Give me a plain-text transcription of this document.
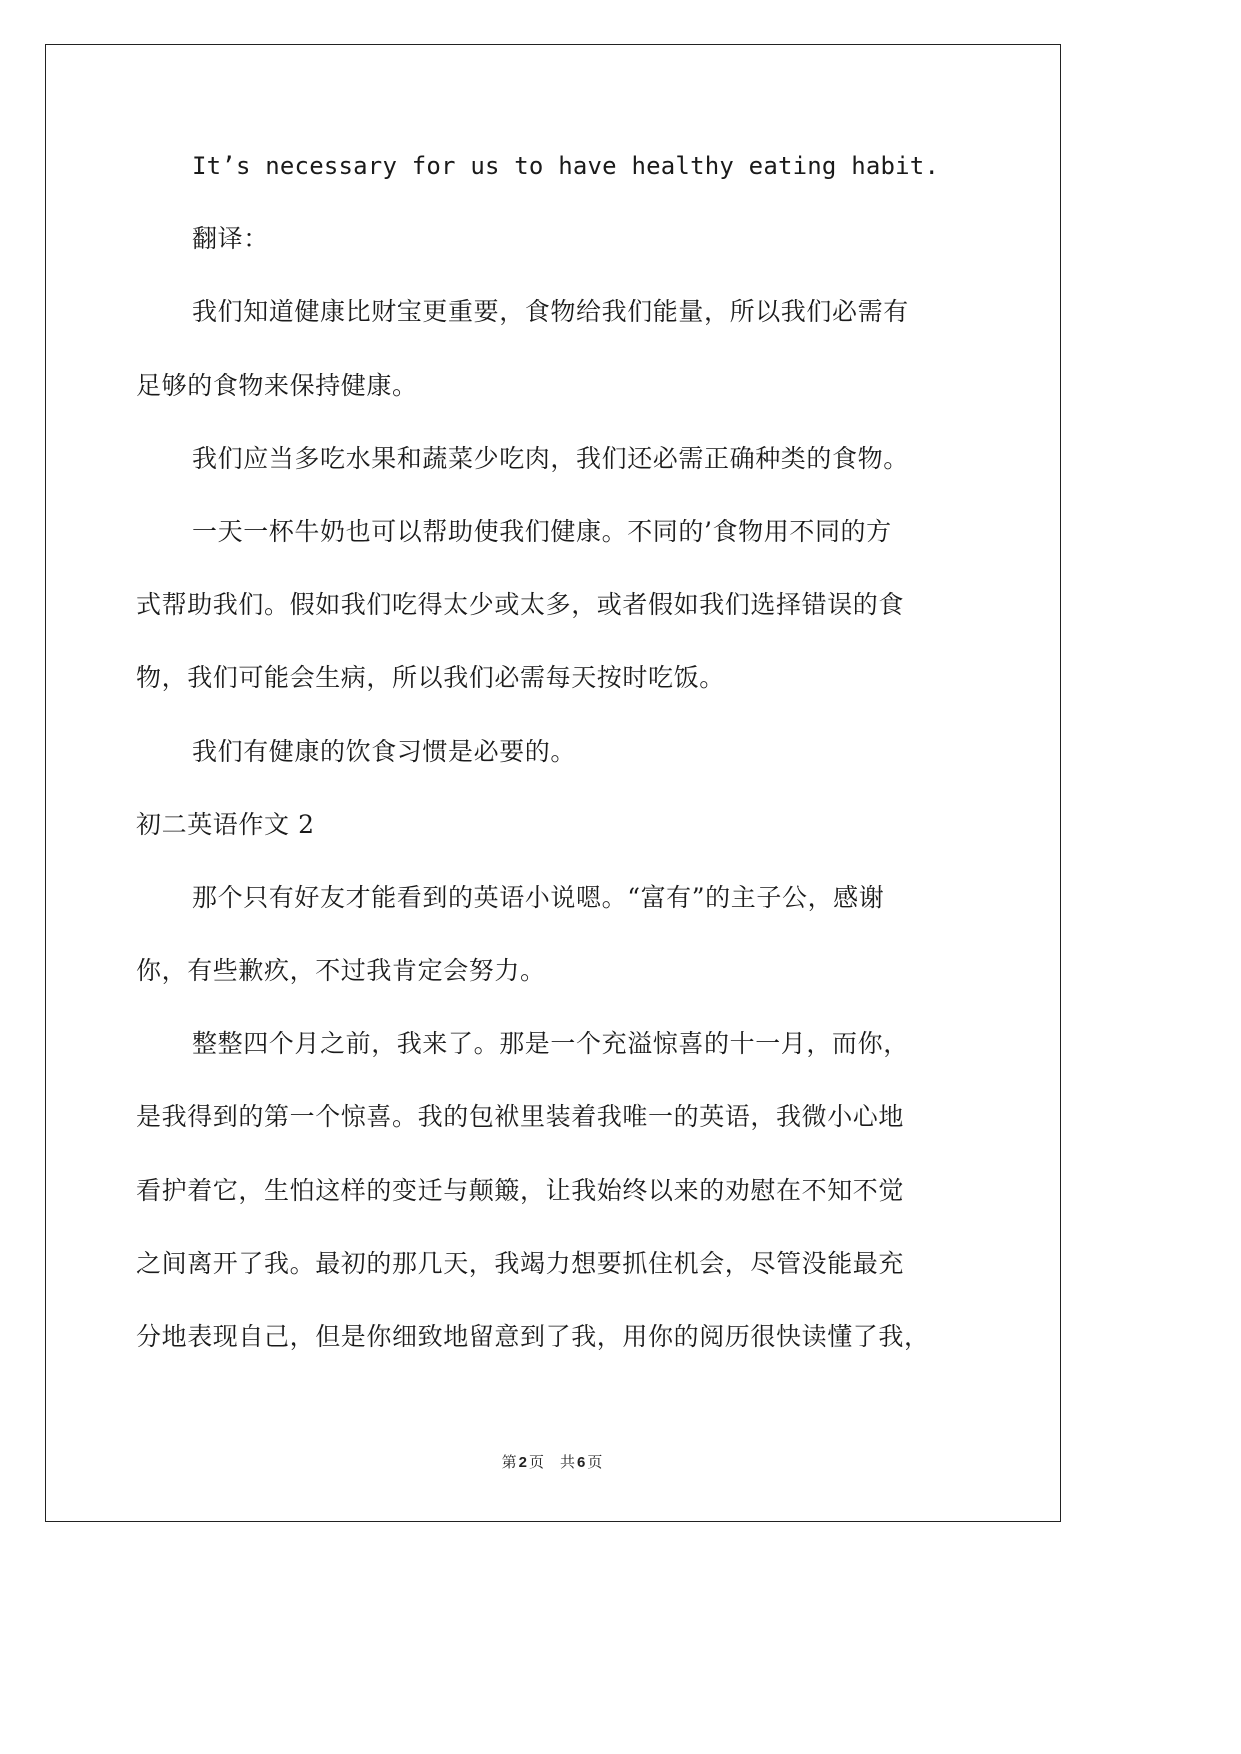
It’s necessary for us to have healthy eating habit.
翻译：
我们知道健康比财宝更重要，食物给我们能量，所以我们必需有
足够的食物来保持健康。
我们应当多吃水果和蔬菜少吃肉，我们还必需正确种类的食物。
一天一杯牛奶也可以帮助使我们健康。不同的’食物用不同的方
式帮助我们。假如我们吃得太少或太多，或者假如我们选择错误的食
物，我们可能会生病，所以我们必需每天按时吃饭。
我们有健康的饮食习惯是必要的。
初二英语作文 2
那个只有好友才能看到的英语小说嗯。“富有”的主子公，感谢
你，有些歉疚，不过我肯定会努力。
整整四个月之前，我来了。那是一个充溢惊喜的十一月，而你，
是我得到的第一个惊喜。我的包袱里装着我唯一的英语，我微小心地
看护着它，生怕这样的变迁与颠簸，让我始终以来的劝慰在不知不觉
之间离开了我。最初的那几天，我竭力想要抓住机会，尽管没能最充
分地表现自己，但是你细致地留意到了我，用你的阅历很快读懂了我，
第 2 页 共 6 页
